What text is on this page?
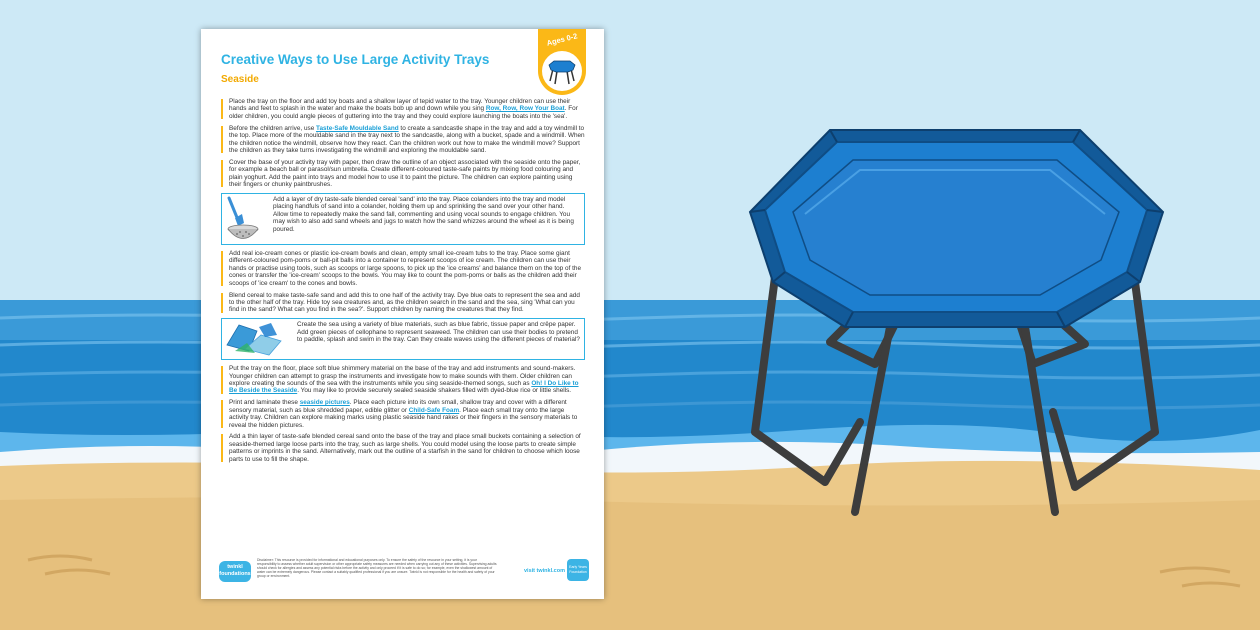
Creative Ways to Use Large Activity Trays
Seaside
Ages 0-2

Place the tray on the floor and add toy boats and a shallow layer of tepid water to the tray. Younger children can use their hands and feet to splash in the water and make the boats bob up and down while you sing Row, Row, Row Your Boat. For older children, you could angle pieces of guttering into the tray and they could explore launching the boats into the 'sea'.

Before the children arrive, use Taste-Safe Mouldable Sand to create a sandcastle shape in the tray and add a toy windmill to the top. Place more of the mouldable sand in the tray next to the sandcastle, along with a bucket, spade and a windmill. When the children notice the windmill, observe how they react. Can the children work out how to make the windmill move? Support the children as they take turns investigating the windmill and exploring the mouldable sand.

Cover the base of your activity tray with paper, then draw the outline of an object associated with the seaside onto the paper, for example a beach ball or parasol/sun umbrella. Create different-coloured taste-safe paints by mixing food colouring and plain yoghurt. Add the paint into trays and model how to use it to paint the picture. The children can explore painting using their fingers or chunky paintbrushes.

Add a layer of dry taste-safe blended cereal 'sand' into the tray. Place colanders into the tray and model placing handfuls of sand into a colander, holding them up and sprinkling the sand over your other hand. Allow time to repeatedly make the sand fall, commenting and using vocal sounds to engage children. You may wish to also add sand wheels and jugs to watch how the sand whizzes around the wheel as it is being poured.

Add real ice-cream cones or plastic ice-cream bowls and clean, empty small ice-cream tubs to the tray. Place some giant different-coloured pom-poms or ball-pit balls into a container to represent scoops of ice cream. The children can use their hands or practise using tools, such as scoops or large spoons, to pick up the 'ice creams' and balance them on the top of the cones or transfer the 'ice-cream' scoops to the bowls. You may like to count the pom-poms or balls as the children add their scoops of 'ice cream' to the cones and bowls.

Blend cereal to make taste-safe sand and add this to one half of the activity tray. Dye blue oats to represent the sea and add to the other half of the tray. Hide toy sea creatures and, as the children search in the sand and the sea, sing 'What can you find in the sand? What can you find in the sea?'. Support children by naming the creatures that they find.

Create the sea using a variety of blue materials, such as blue fabric, tissue paper and crêpe paper. Add green pieces of cellophane to represent seaweed. The children can use their bodies to pretend to paddle, splash and swim in the tray. Can they create waves using the different pieces of material?

Put the tray on the floor, place soft blue shimmery material on the base of the tray and add instruments and sound-makers. Younger children can attempt to grasp the instruments and investigate how to make sounds with them. Older children can explore creating the sounds of the sea with the instruments while you sing seaside-themed songs, such as Oh! I Do Like to Be Beside the Seaside. You may like to provide securely sealed seaside shakers filled with dyed-blue rice or little shells.

Print and laminate these seaside pictures. Place each picture into its own small, shallow tray and cover with a different sensory material, such as blue shredded paper, edible glitter or Child-Safe Foam. Place each small tray onto the large activity tray. Children can explore making marks using plastic seaside hand rakes or their fingers in the sensory materials to reveal the hidden pictures.

Add a thin layer of taste-safe blended cereal sand onto the base of the tray and place small buckets containing a selection of seaside-themed large loose parts into the tray, such as large shells. You could model using the loose parts to create simple patterns or imprints in the sand. Alternatively, mark out the outline of a starfish in the sand for children to choose which loose parts to use to fill the shape.

twinkl foundations

Disclaimer: This resource is provided for informational and educational purposes only. To ensure the safety of the resource in your setting, it is your responsibility to assess whether adult supervision or other appropriate safety measures are needed when carrying out any of these activities. Supervising adults should check for allergies and assess any potential risks before the activity and only proceed if it is safe to do so; for example, even the shallowest amount of water can be extremely dangerous. Please contact a suitably qualified professional if you are unsure. Twinkl is not responsible for the health and safety of your group or environment.

visit twinkl.com
Early Years Foundation
